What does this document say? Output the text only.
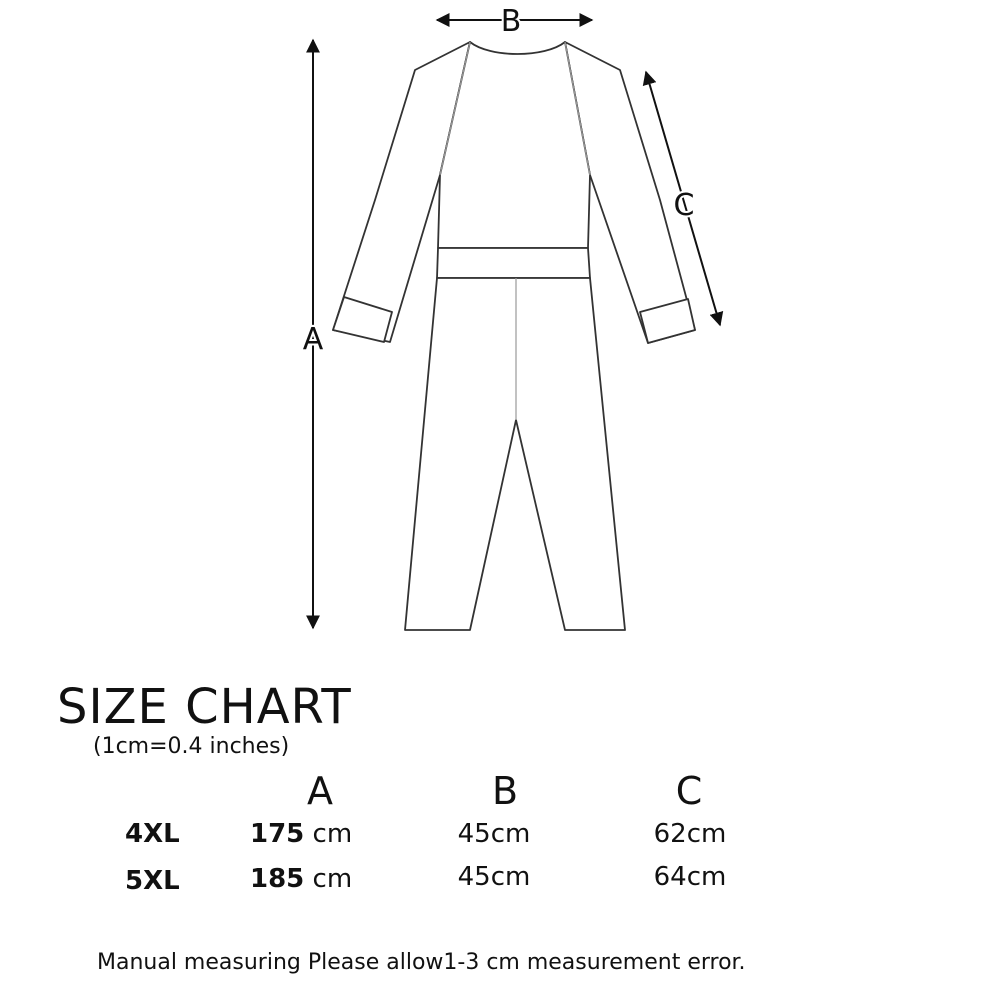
A
B
C
SIZE CHART
(1cm=0.4 inches)
A	B	C
4XL	175 cm	45cm	62cm
5XL	185 cm	45cm	64cm
Manual measuring Please allow1-3 cm measurement error.
